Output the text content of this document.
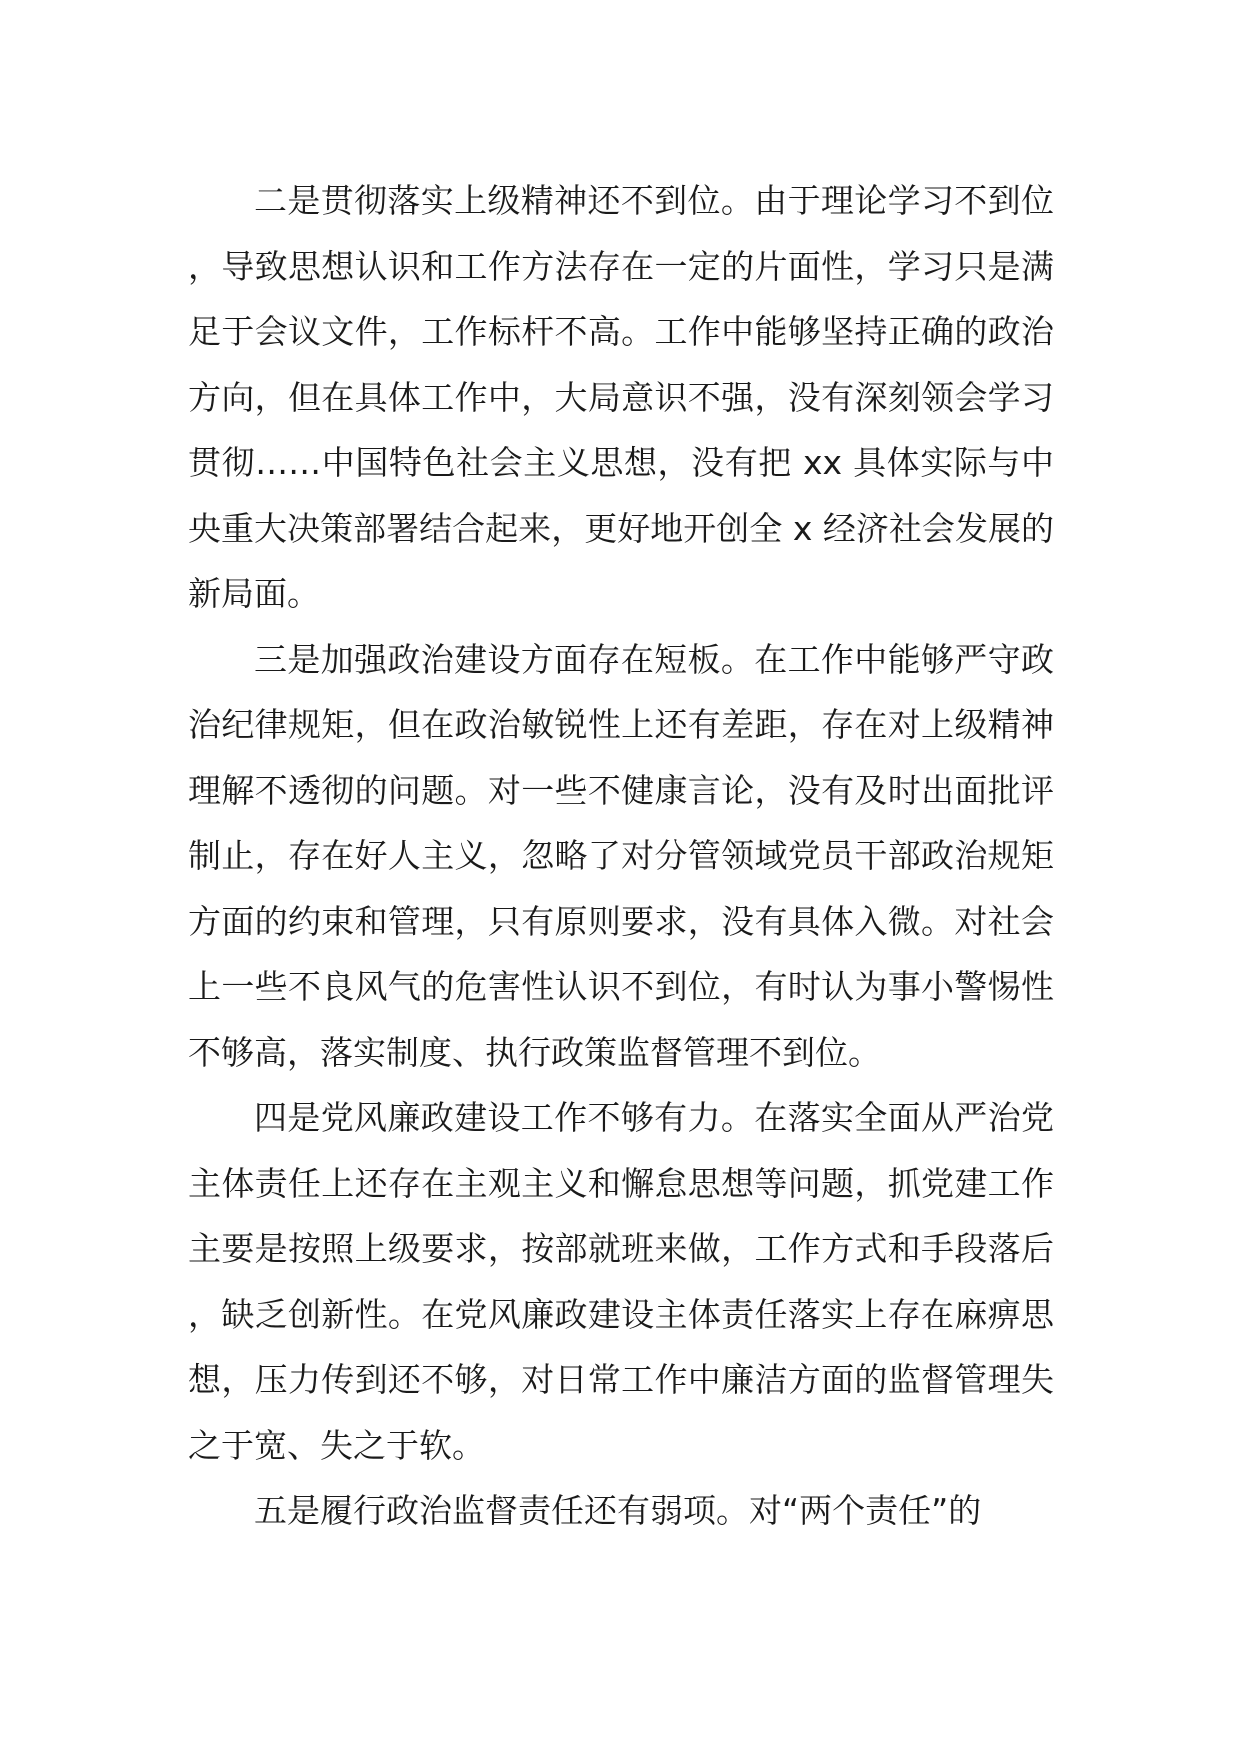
二是贯彻落实上级精神还不到位。由于理论学习不到位，导致思想认识和工作方法存在一定的片面性，学习只是满足于会议文件，工作标杆不高。工作中能够坚持正确的政治方向，但在具体工作中，大局意识不强，没有深刻领会学习贯彻……中国特色社会主义思想，没有把 xx 具体实际与中央重大决策部署结合起来，更好地开创全 x 经济社会发展的新局面。

三是加强政治建设方面存在短板。在工作中能够严守政治纪律规矩，但在政治敏锐性上还有差距，存在对上级精神理解不透彻的问题。对一些不健康言论，没有及时出面批评制止，存在好人主义，忽略了对分管领域党员干部政治规矩方面的约束和管理，只有原则要求，没有具体入微。对社会上一些不良风气的危害性认识不到位，有时认为事小警惕性不够高，落实制度、执行政策监督管理不到位。

四是党风廉政建设工作不够有力。在落实全面从严治党主体责任上还存在主观主义和懈怠思想等问题，抓党建工作主要是按照上级要求，按部就班来做，工作方式和手段落后，缺乏创新性。在党风廉政建设主体责任落实上存在麻痹思想，压力传到还不够，对日常工作中廉洁方面的监督管理失之于宽、失之于软。

五是履行政治监督责任还有弱项。对“两个责任”的
